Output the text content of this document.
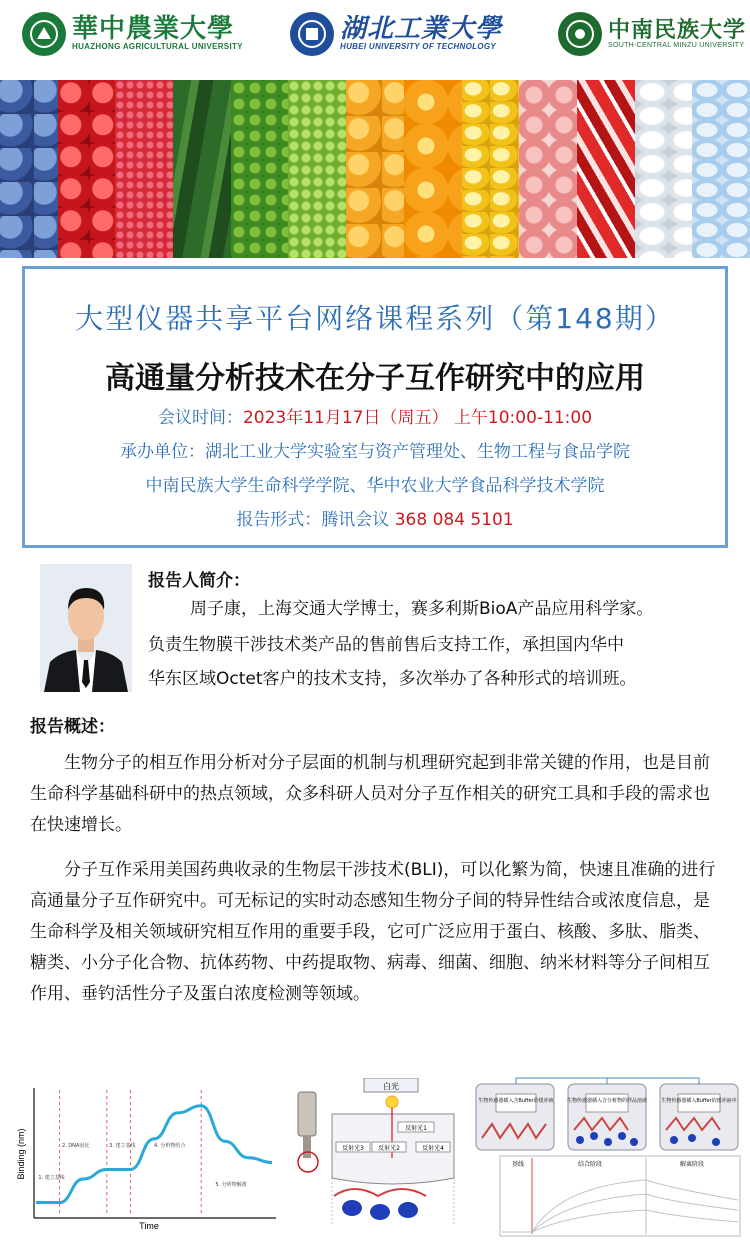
華中農業大學
HUAZHONG AGRICULTURAL UNIVERSITY
湖北工業大學
HUBEI UNIVERSITY OF TECHNOLOGY
中南民族大学
SOUTH-CENTRAL MINZU UNIVERSITY
大型仪器共享平台网络课程系列（第148期）
高通量分析技术在分子互作研究中的应用
会议时间：2023年11月17日（周五） 上午10:00-11:00
承办单位：湖北工业大学实验室与资产管理处、生物工程与食品学院
中南民族大学生命科学学院、华中农业大学食品科学技术学院
报告形式：腾讯会议 368 084 5101
报告人简介：
周子康，上海交通大学博士，赛多利斯BioA产品应用科学家。
负责生物膜干涉技术类产品的售前售后支持工作，承担国内华中
华东区域Octet客户的技术支持，多次举办了各种形式的培训班。
报告概述：
生物分子的相互作用分析对分子层面的机制与机理研究起到非常关键的作用，也是目前生命科学基础科研中的热点领域，众多科研人员对分子互作相关的研究工具和手段的需求也在快速增长。
分子互作采用美国药典收录的生物层干涉技术(BLI)，可以化繁为简，快速且准确的进行高通量分子互作研究中。可无标记的实时动态感知生物分子间的特异性结合或浓度信息，是生命科学及相关领域研究相互作用的重要手段，它可广泛应用于蛋白、核酸、多肽、脂类、糖类、小分子化合物、抗体药物、中药提取物、病毒、细菌、细胞、纳米材料等分子间相互作用、垂钓活性分子及蛋白浓度检测等领域。
Binding (nm)
Time
1. 建立基线
2. DNA固化	3. 建立基线	4. 分析物结合
5. 分析物解离
白光
反射光1
反射光2
反射光3	反射光4
生物传感器插入含Buffer的缓冲液	生物传感器插入含分析物的样品溶液	生物传感器插入Buffer的缓冲液中
基线	结合阶段	解离阶段
